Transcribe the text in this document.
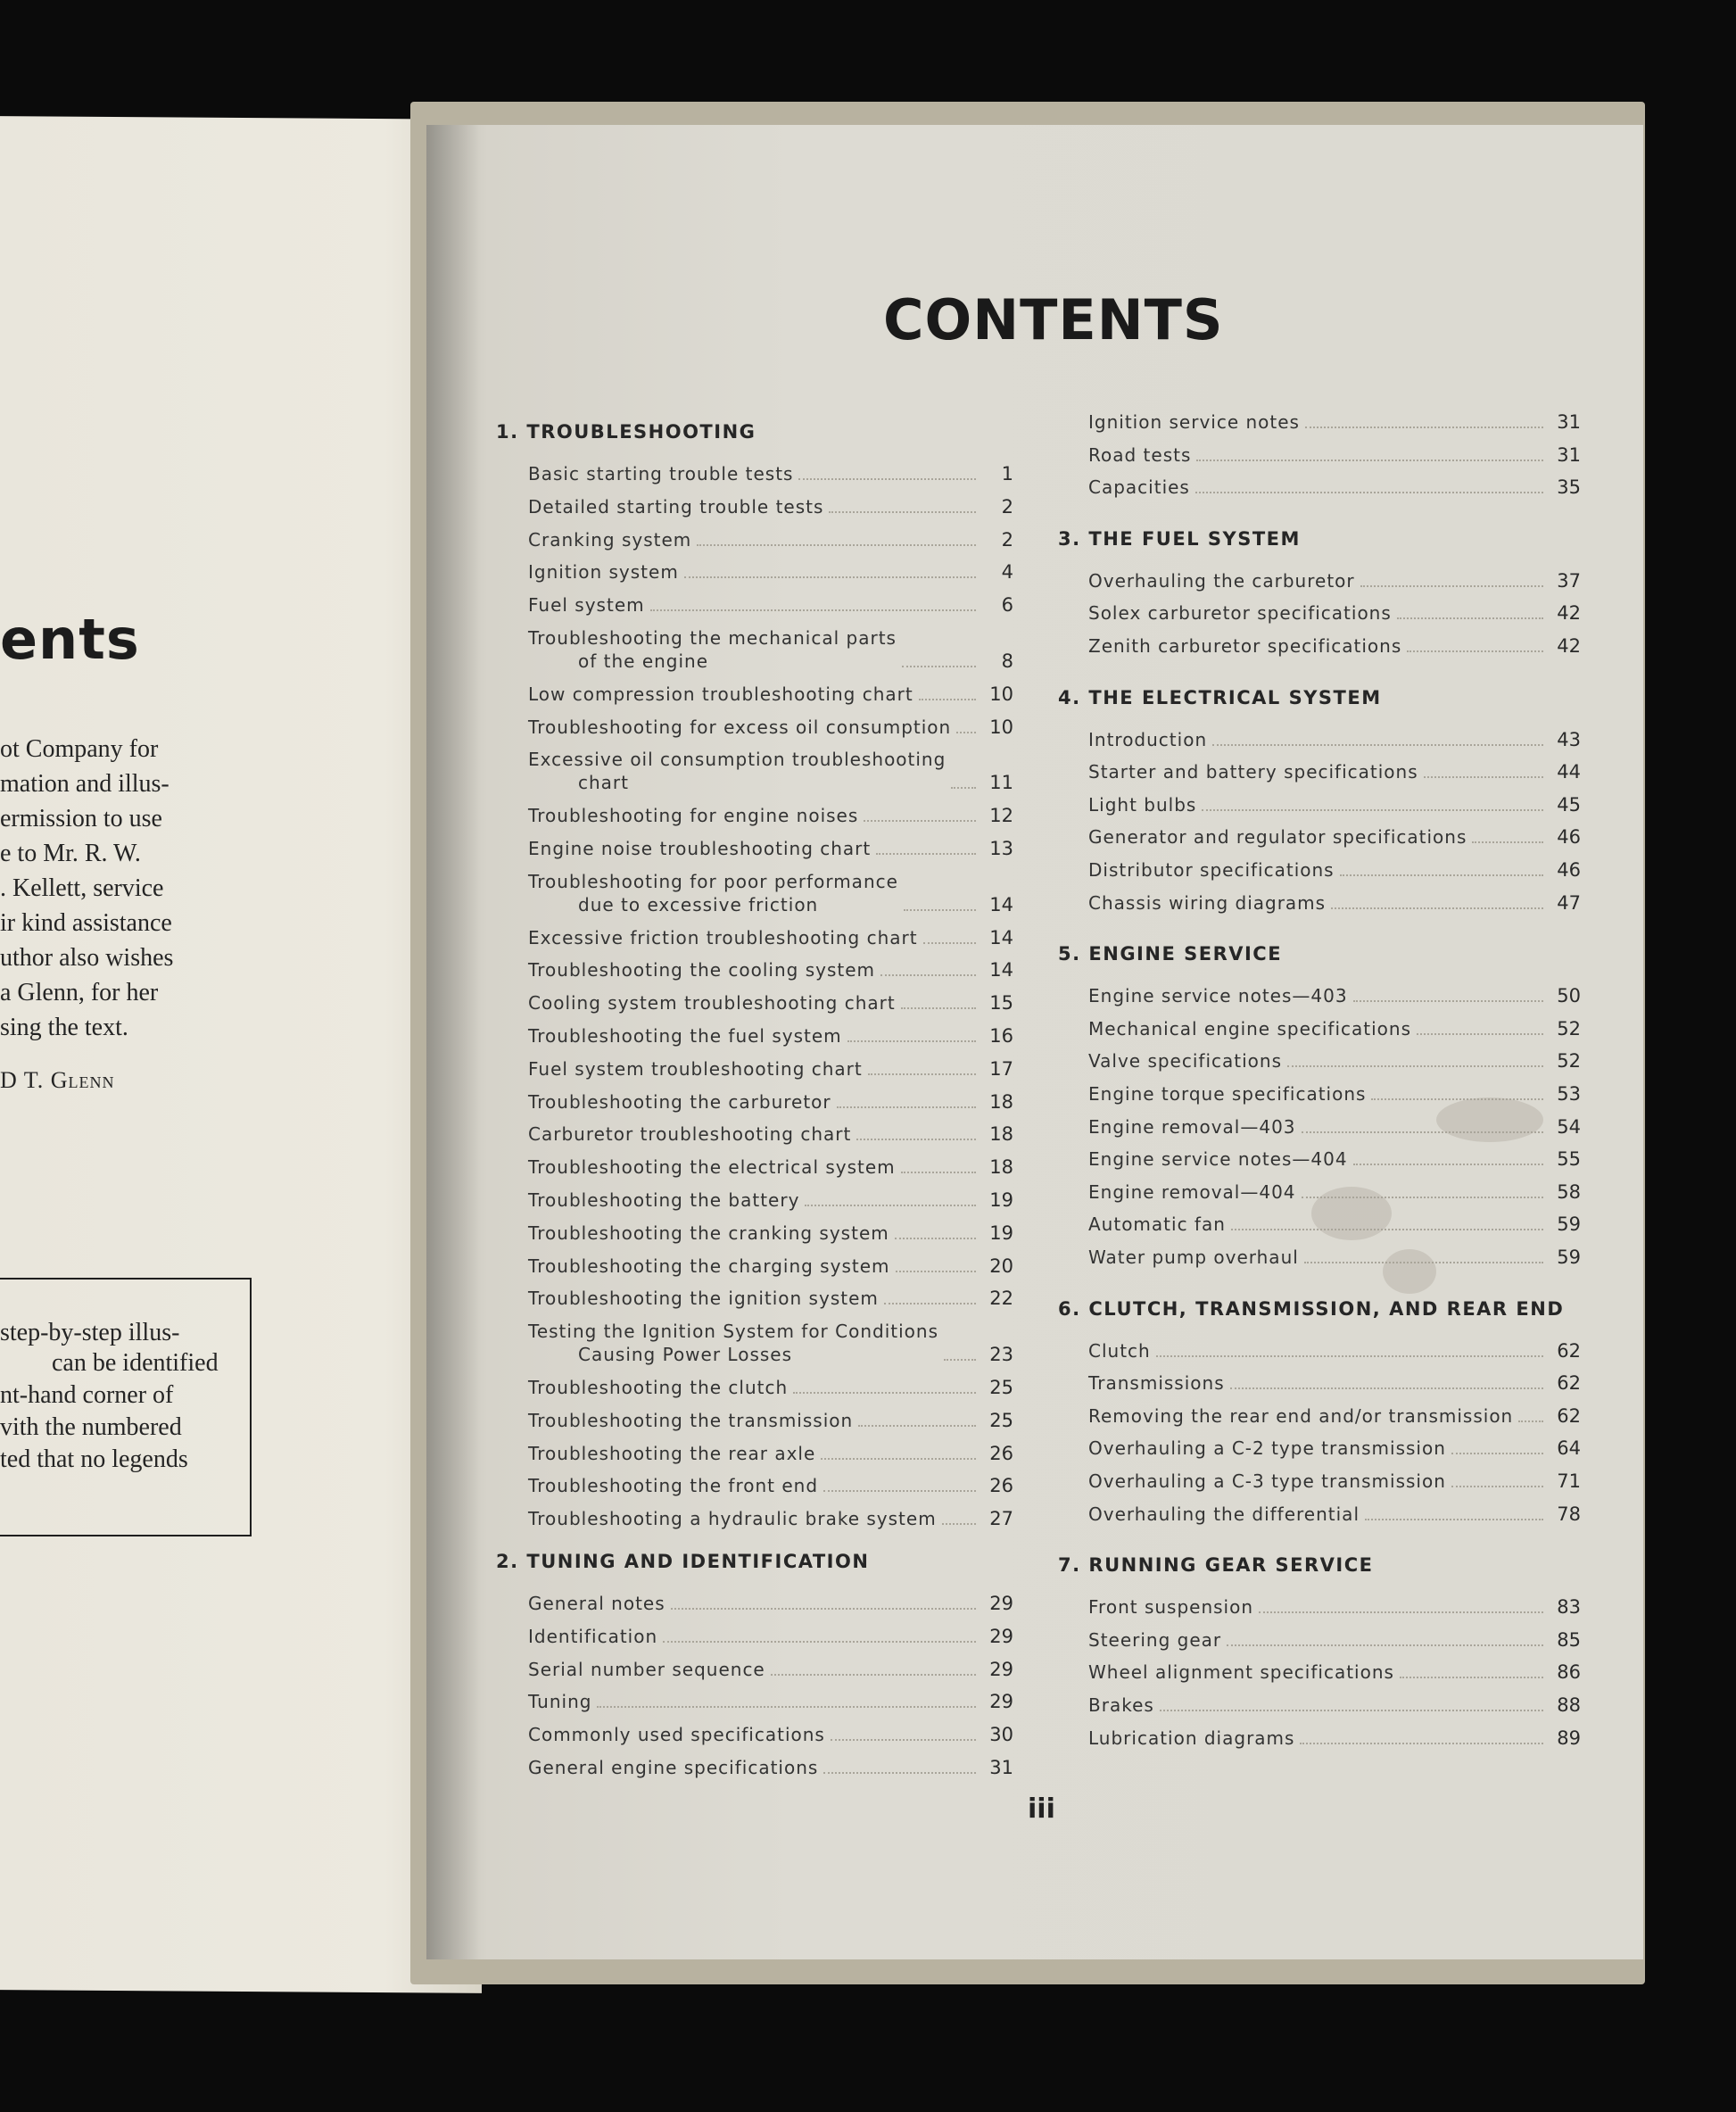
ents

ot Company for

mation and illus-

ermission to use

e to Mr. R. W.

. Kellett, service

ir kind assistance

uthor also wishes

a Glenn, for her

sing the text.

D T. Glenn

step-by-step illus-

can be identified

nt-hand corner of

vith the numbered

ted that no legends

CONTENTS
1. TROUBLESHOOTING
Basic starting trouble tests	1
Detailed starting trouble tests	2
Cranking system	2
Ignition system	4
Fuel system	6
Troubleshooting the mechanical parts
of the engine	8
Low compression troubleshooting chart	10
Troubleshooting for excess oil consumption	10
Excessive oil consumption troubleshooting
chart	11
Troubleshooting for engine noises	12
Engine noise troubleshooting chart	13
Troubleshooting for poor performance
due to excessive friction	14
Excessive friction troubleshooting chart	14
Troubleshooting the cooling system	14
Cooling system troubleshooting chart	15
Troubleshooting the fuel system	16
Fuel system troubleshooting chart	17
Troubleshooting the carburetor	18
Carburetor troubleshooting chart	18
Troubleshooting the electrical system	18
Troubleshooting the battery	19
Troubleshooting the cranking system	19
Troubleshooting the charging system	20
Troubleshooting the ignition system	22
Testing the Ignition System for Conditions
Causing Power Losses	23
Troubleshooting the clutch	25
Troubleshooting the transmission	25
Troubleshooting the rear axle	26
Troubleshooting the front end	26
Troubleshooting a hydraulic brake system	27
2. TUNING AND IDENTIFICATION
General notes	29
Identification	29
Serial number sequence	29
Tuning	29
Commonly used specifications	30
General engine specifications	31
Ignition service notes	31
Road tests	31
Capacities	35
3. THE FUEL SYSTEM
Overhauling the carburetor	37
Solex carburetor specifications	42
Zenith carburetor specifications	42
4. THE ELECTRICAL SYSTEM
Introduction	43
Starter and battery specifications	44
Light bulbs	45
Generator and regulator specifications	46
Distributor specifications	46
Chassis wiring diagrams	47
5. ENGINE SERVICE
Engine service notes—403	50
Mechanical engine specifications	52
Valve specifications	52
Engine torque specifications	53
Engine removal—403	54
Engine service notes—404	55
Engine removal—404	58
Automatic fan	59
Water pump overhaul	59
6. CLUTCH, TRANSMISSION, AND REAR END
Clutch	62
Transmissions	62
Removing the rear end and/or transmission	62
Overhauling a C-2 type transmission	64
Overhauling a C-3 type transmission	71
Overhauling the differential	78
7. RUNNING GEAR SERVICE
Front suspension	83
Steering gear	85
Wheel alignment specifications	86
Brakes	88
Lubrication diagrams	89

iii
